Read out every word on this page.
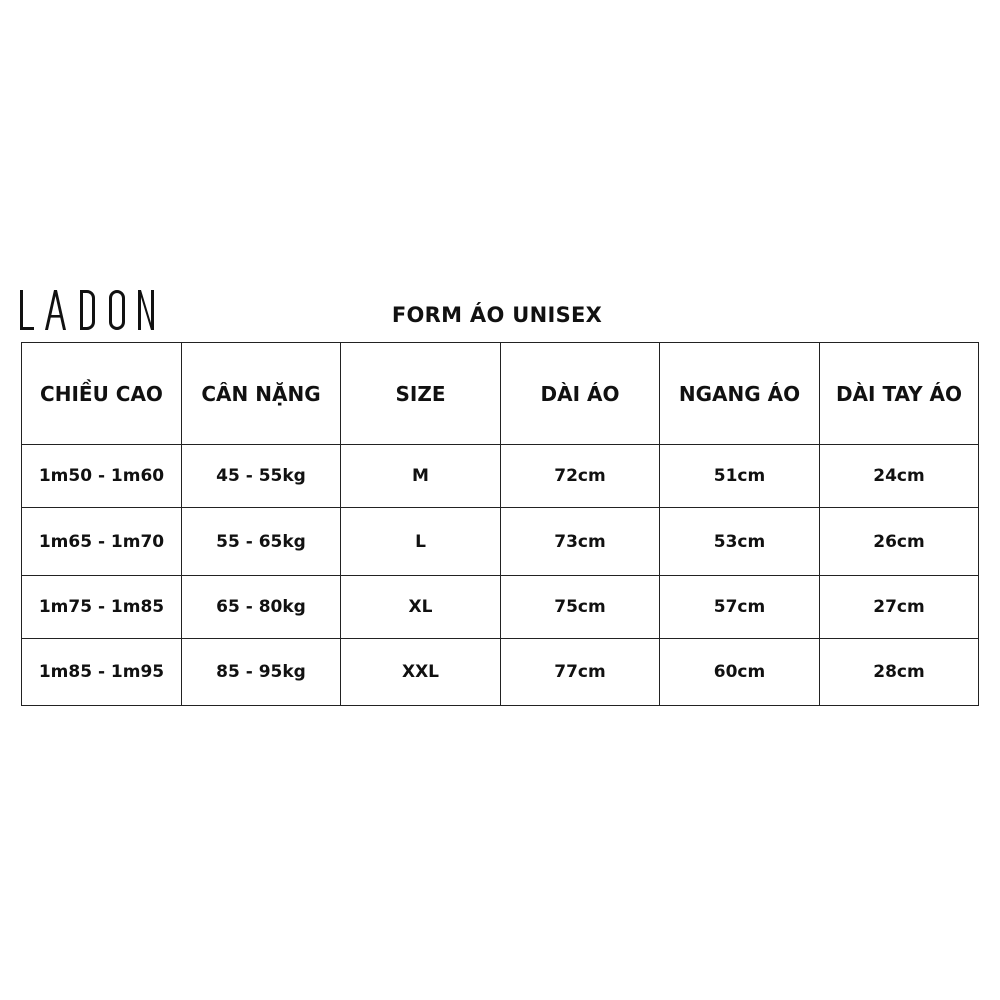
FORM ÁO UNISEX
CHIỀU CAO	CÂN NẶNG	SIZE	DÀI ÁO	NGANG ÁO	DÀI TAY ÁO
1m50 - 1m60	45 - 55kg	M	72cm	51cm	24cm
1m65 - 1m70	55 - 65kg	L	73cm	53cm	26cm
1m75 - 1m85	65 - 80kg	XL	75cm	57cm	27cm
1m85 - 1m95	85 - 95kg	XXL	77cm	60cm	28cm
